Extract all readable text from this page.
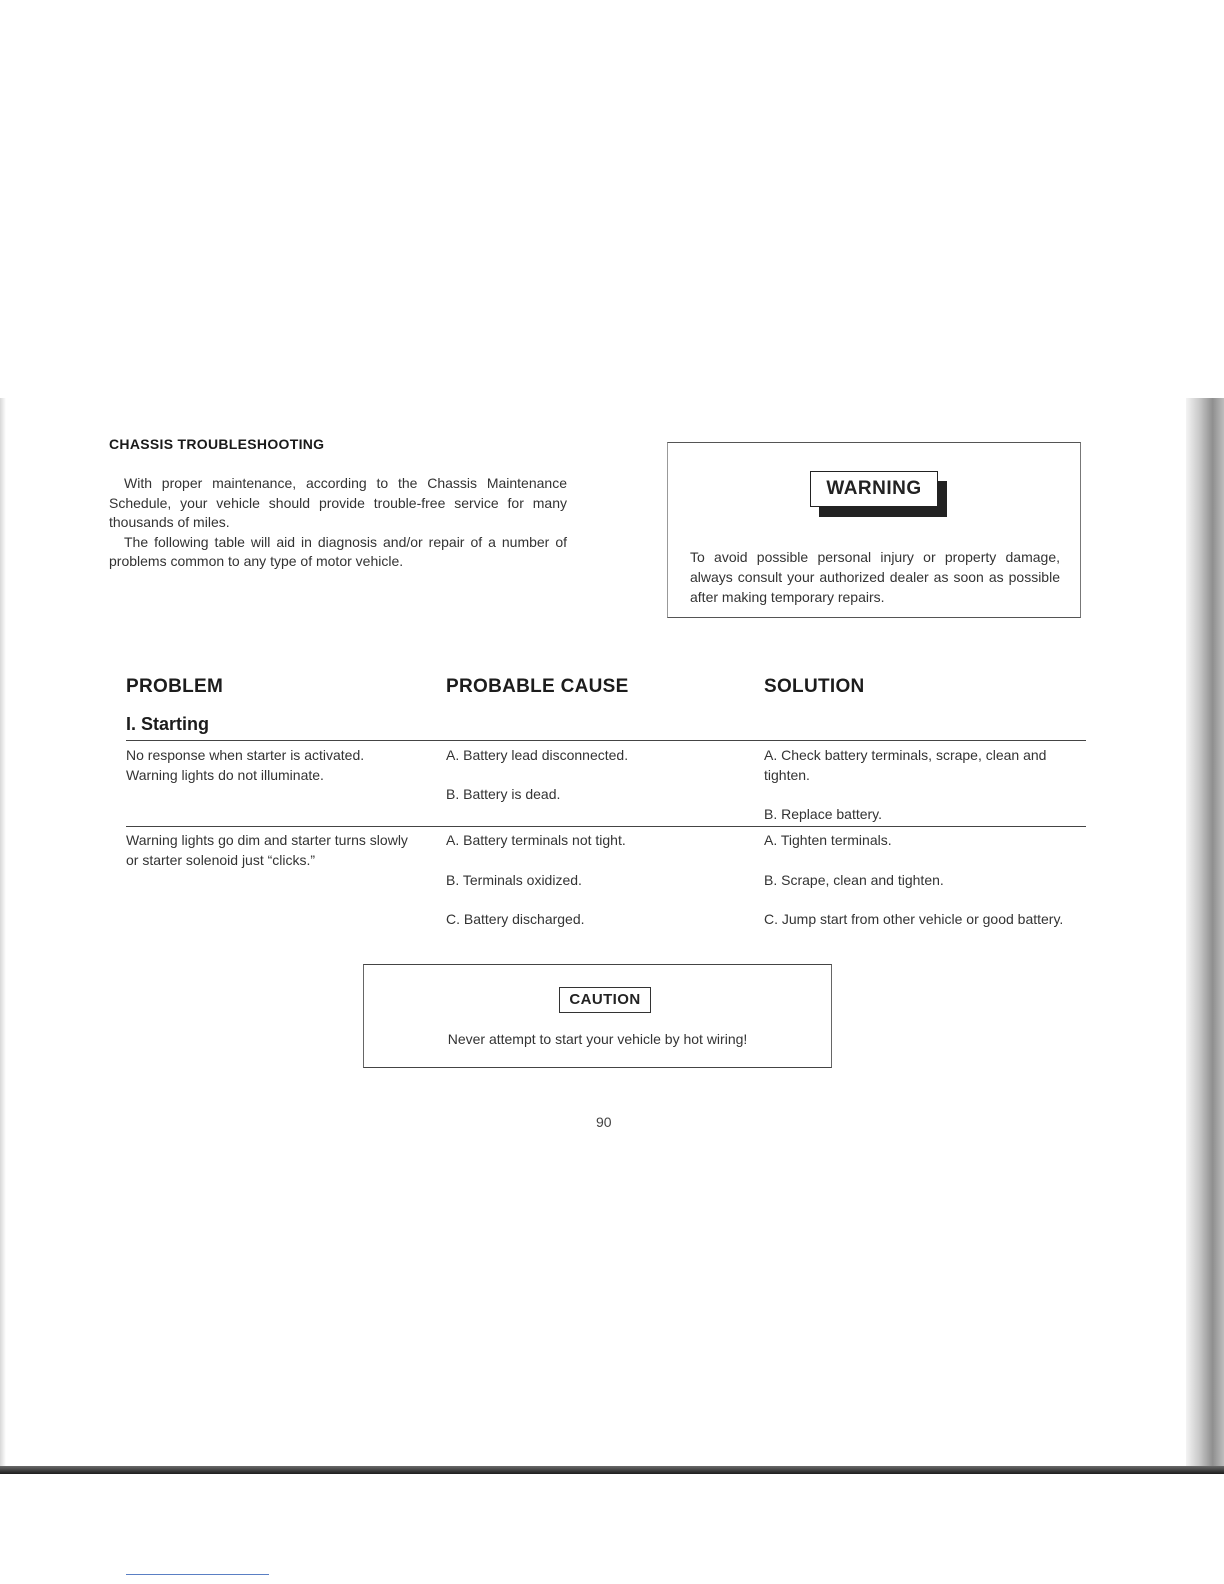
CHASSIS TROUBLESHOOTING

With proper maintenance, according to the Chassis Maintenance Schedule, your vehicle should provide trouble-free service for many thousands of miles.

The following table will aid in diagnosis and/or repair of a number of problems common to any type of motor vehicle.

WARNING
To avoid possible personal injury or property damage, always consult your authorized dealer as soon as possible after making temporary repairs.
PROBLEM	PROBABLE CAUSE	SOLUTION
I. Starting
No response when starter is activated. Warning lights do not illuminate.
A. Battery lead disconnected.
B. Battery is dead.
A. Check battery terminals, scrape, clean and tighten.
B. Replace battery.
Warning lights go dim and starter turns slowly or starter solenoid just “clicks.”
A. Battery terminals not tight.
B. Terminals oxidized.
C. Battery discharged.
A. Tighten terminals.
B. Scrape, clean and tighten.
C. Jump start from other vehicle or good battery.
CAUTION
Never attempt to start your vehicle by hot wiring!
90
